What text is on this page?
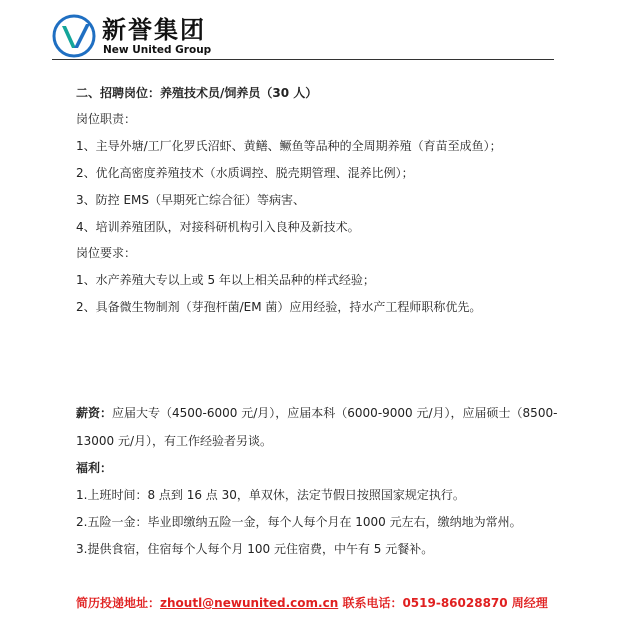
新誉集团
New United Group
二、招聘岗位：养殖技术员/饲养员（30 人）
岗位职责：
1、主导外塘/工厂化罗氏沼虾、黄鳝、鳜鱼等品种的全周期养殖（育苗至成鱼）；
2、优化高密度养殖技术（水质调控、脱壳期管理、混养比例）；
3、防控 EMS（早期死亡综合征）等病害、
4、培训养殖团队，对接科研机构引入良种及新技术。
岗位要求：
1、水产养殖大专以上或 5 年以上相关品种的样式经验；
2、具备微生物制剂（芽孢杆菌/EM 菌）应用经验，持水产工程师职称优先。
薪资：应届大专（4500-6000 元/月），应届本科（6000-9000 元/月），应届硕士（8500-
13000 元/月），有工作经验者另谈。
福利：
1.上班时间：8 点到 16 点 30，单双休，法定节假日按照国家规定执行。
2.五险一金：毕业即缴纳五险一金，每个人每个月在 1000 元左右，缴纳地为常州。
3.提供食宿，住宿每个人每个月 100 元住宿费，中午有 5 元餐补。
简历投递地址：zhoutl@newunited.com.cn 联系电话：0519-86028870 周经理
